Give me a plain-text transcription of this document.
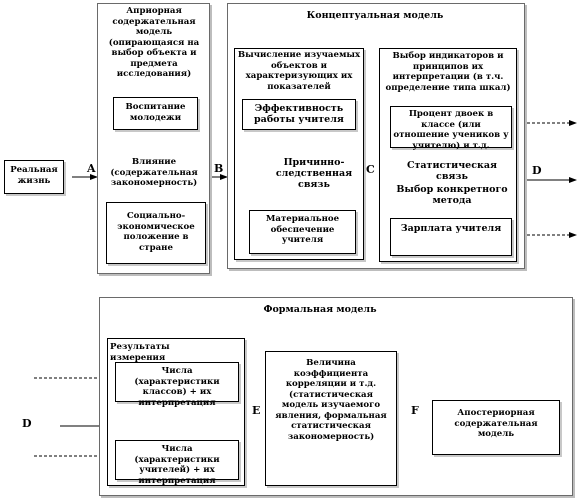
Реальная жизнь
Априорная содержательная модель (опирающаяся на выбор объекта и предмета исследования)
Воспитание молодежи
Влияние (содержательная закономерность)
Социально-экономическое положение в стране
Концептуальная модель
Вычисление изучаемых объектов и характеризующих их показателей
Эффективность работы учителя
Причинно-следственная связь
Материальное обеспечение учителя
Выбор индикаторов и принципов их интерпретации (в т.ч. определение типа шкал)
Процент двоек в классе (или отношение учеников у учителю) и т.д.
Статистическая связь
Выбор конкретного метода
Зарплата учителя
Формальная модель
Результаты измерения
Числа (характеристики классов) + их интерпретация
Числа (характеристики учителей) + их интерпретация
Величина коэффициента корреляции и т.д. (статистическая модель изучаемого явления, формальная статистическая закономерность)
Апостериорная содержательная модель
A	B	C	D
D
E	F
